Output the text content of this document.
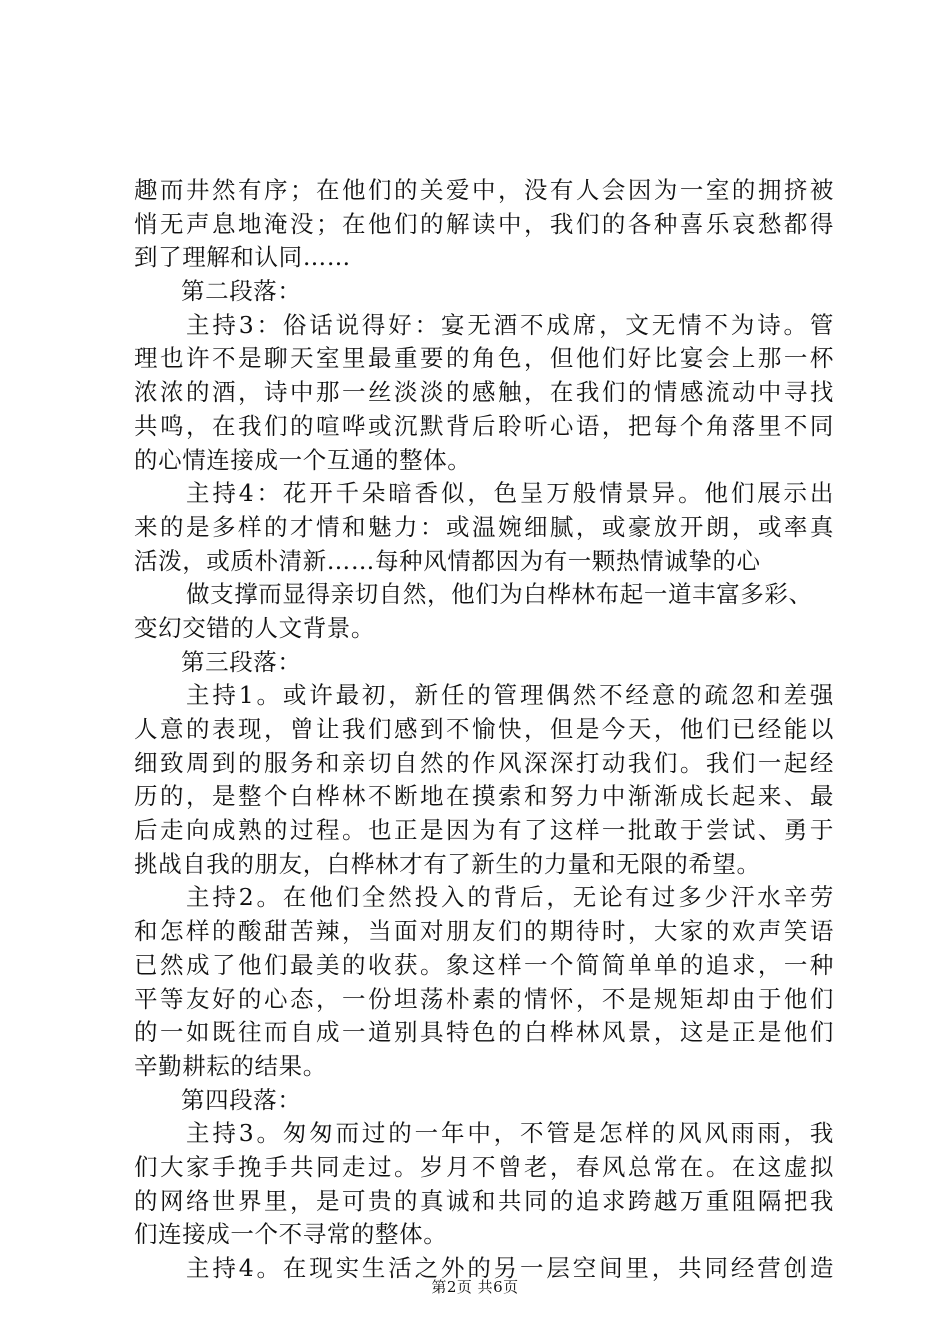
趣而井然有序；在他们的关爱中，没有人会因为一室的拥挤被
悄无声息地淹没；在他们的解读中，我们的各种喜乐哀愁都得
到了理解和认同……
第二段落：
主持3：俗话说得好：宴无酒不成席，文无情不为诗。管
理也许不是聊天室里最重要的角色，但他们好比宴会上那一杯
浓浓的酒，诗中那一丝淡淡的感触，在我们的情感流动中寻找
共鸣，在我们的喧哗或沉默背后聆听心语，把每个角落里不同
的心情连接成一个互通的整体。
主持4：花开千朵暗香似，色呈万般情景异。他们展示出
来的是多样的才情和魅力：或温婉细腻，或豪放开朗，或率真
活泼，或质朴清新……每种风情都因为有一颗热情诚挚的心
做支撑而显得亲切自然，他们为白桦林布起一道丰富多彩、
变幻交错的人文背景。
第三段落：
主持1。或许最初，新任的管理偶然不经意的疏忽和差强
人意的表现，曾让我们感到不愉快，但是今天，他们已经能以
细致周到的服务和亲切自然的作风深深打动我们。我们一起经
历的，是整个白桦林不断地在摸索和努力中渐渐成长起来、最
后走向成熟的过程。也正是因为有了这样一批敢于尝试、勇于
挑战自我的朋友，白桦林才有了新生的力量和无限的希望。
主持2。在他们全然投入的背后，无论有过多少汗水辛劳
和怎样的酸甜苦辣，当面对朋友们的期待时，大家的欢声笑语
已然成了他们最美的收获。象这样一个简简单单的追求，一种
平等友好的心态，一份坦荡朴素的情怀，不是规矩却由于他们
的一如既往而自成一道别具特色的白桦林风景，这是正是他们
辛勤耕耘的结果。
第四段落：
主持3。匆匆而过的一年中，不管是怎样的风风雨雨，我
们大家手挽手共同走过。岁月不曾老，春风总常在。在这虚拟
的网络世界里，是可贵的真诚和共同的追求跨越万重阻隔把我
们连接成一个不寻常的整体。
主持4。在现实生活之外的另一层空间里，共同经营创造
第2页 共6页
